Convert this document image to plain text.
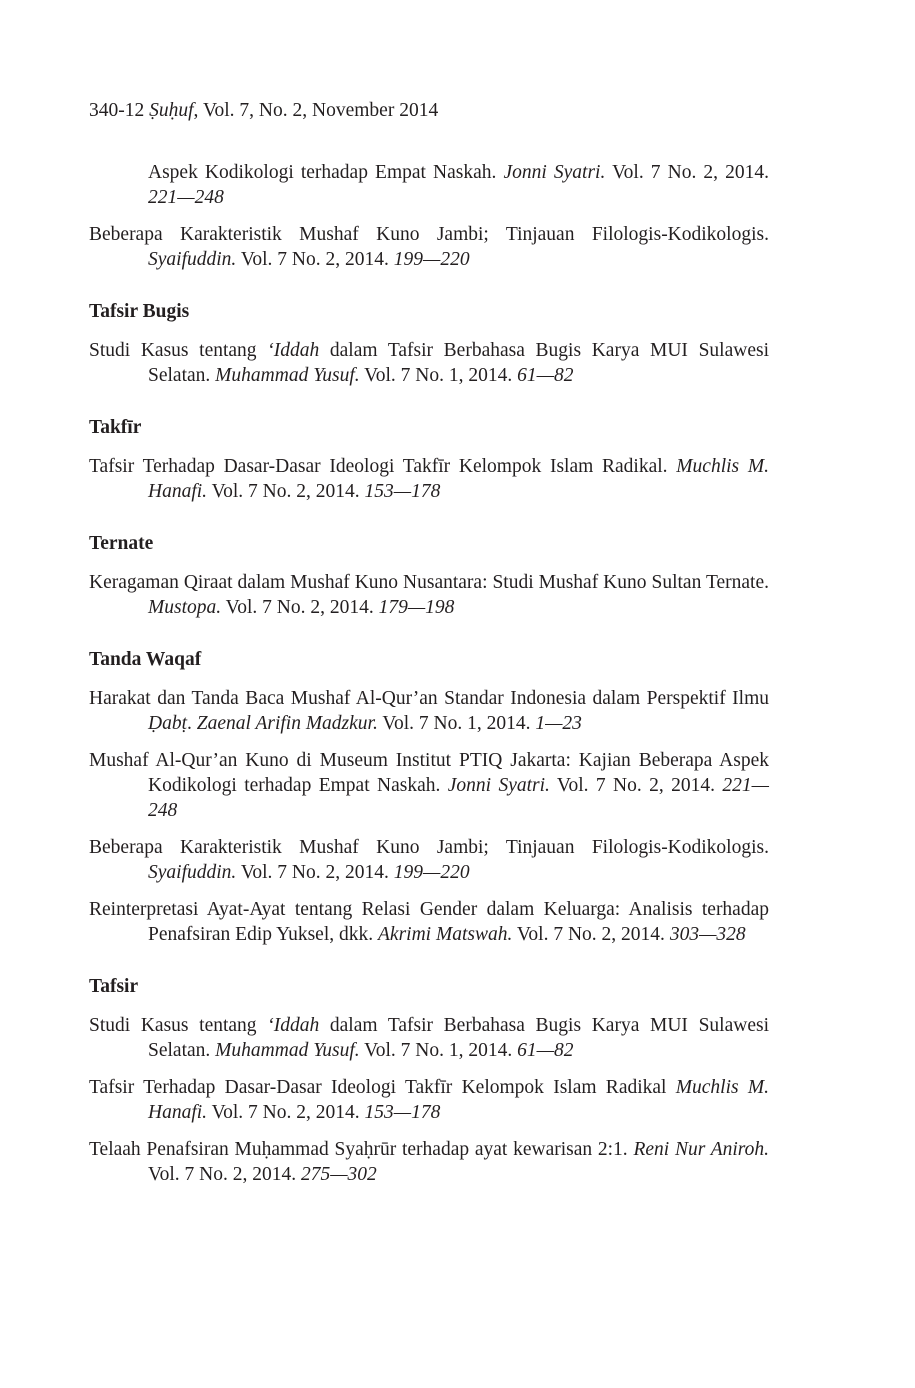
340-12 Ṣuḥuf, Vol. 7, No. 2, November 2014

Aspek Kodikologi terhadap Empat Naskah. Jonni Syatri. Vol. 7 No. 2, 2014. 221—248

Beberapa Karakteristik Mushaf Kuno Jambi; Tinjauan Filologis-Kodikologis. Syaifuddin. Vol. 7 No. 2, 2014. 199—220

Tafsir Bugis

Studi Kasus tentang ‘Iddah dalam Tafsir Berbahasa Bugis Karya MUI Sulawesi Selatan. Muhammad Yusuf. Vol. 7 No. 1, 2014. 61—82

Takfīr

Tafsir Terhadap Dasar-Dasar Ideologi Takfīr Kelompok Islam Radikal. Muchlis M. Hanafi. Vol. 7 No. 2, 2014. 153—178

Ternate

Keragaman Qiraat dalam Mushaf Kuno Nusantara: Studi Mushaf Kuno Sultan Ternate. Mustopa. Vol. 7 No. 2, 2014. 179—198

Tanda Waqaf

Harakat dan Tanda Baca Mushaf Al-Qur’an Standar Indonesia dalam Perspektif Ilmu Ḍabṭ. Zaenal Arifin Madzkur. Vol. 7 No. 1, 2014. 1—23

Mushaf Al-Qur’an Kuno di Museum Institut PTIQ Jakarta: Kajian Beberapa Aspek Kodikologi terhadap Empat Naskah. Jonni Syatri. Vol. 7 No. 2, 2014. 221—248

Beberapa Karakteristik Mushaf Kuno Jambi; Tinjauan Filologis-Kodikologis. Syaifuddin. Vol. 7 No. 2, 2014. 199—220

Reinterpretasi Ayat-Ayat tentang Relasi Gender dalam Keluarga: Analisis terhadap Penafsiran Edip Yuksel, dkk. Akrimi Matswah. Vol. 7 No. 2, 2014. 303—328

Tafsir

Studi Kasus tentang ‘Iddah dalam Tafsir Berbahasa Bugis Karya MUI Sulawesi Selatan. Muhammad Yusuf. Vol. 7 No. 1, 2014. 61—82

Tafsir Terhadap Dasar-Dasar Ideologi Takfīr Kelompok Islam Radikal Muchlis M. Hanafi. Vol. 7 No. 2, 2014. 153—178

Telaah Penafsiran Muḥammad Syaḥrūr terhadap ayat kewarisan 2:1. Reni Nur Aniroh. Vol. 7 No. 2, 2014. 275—302
